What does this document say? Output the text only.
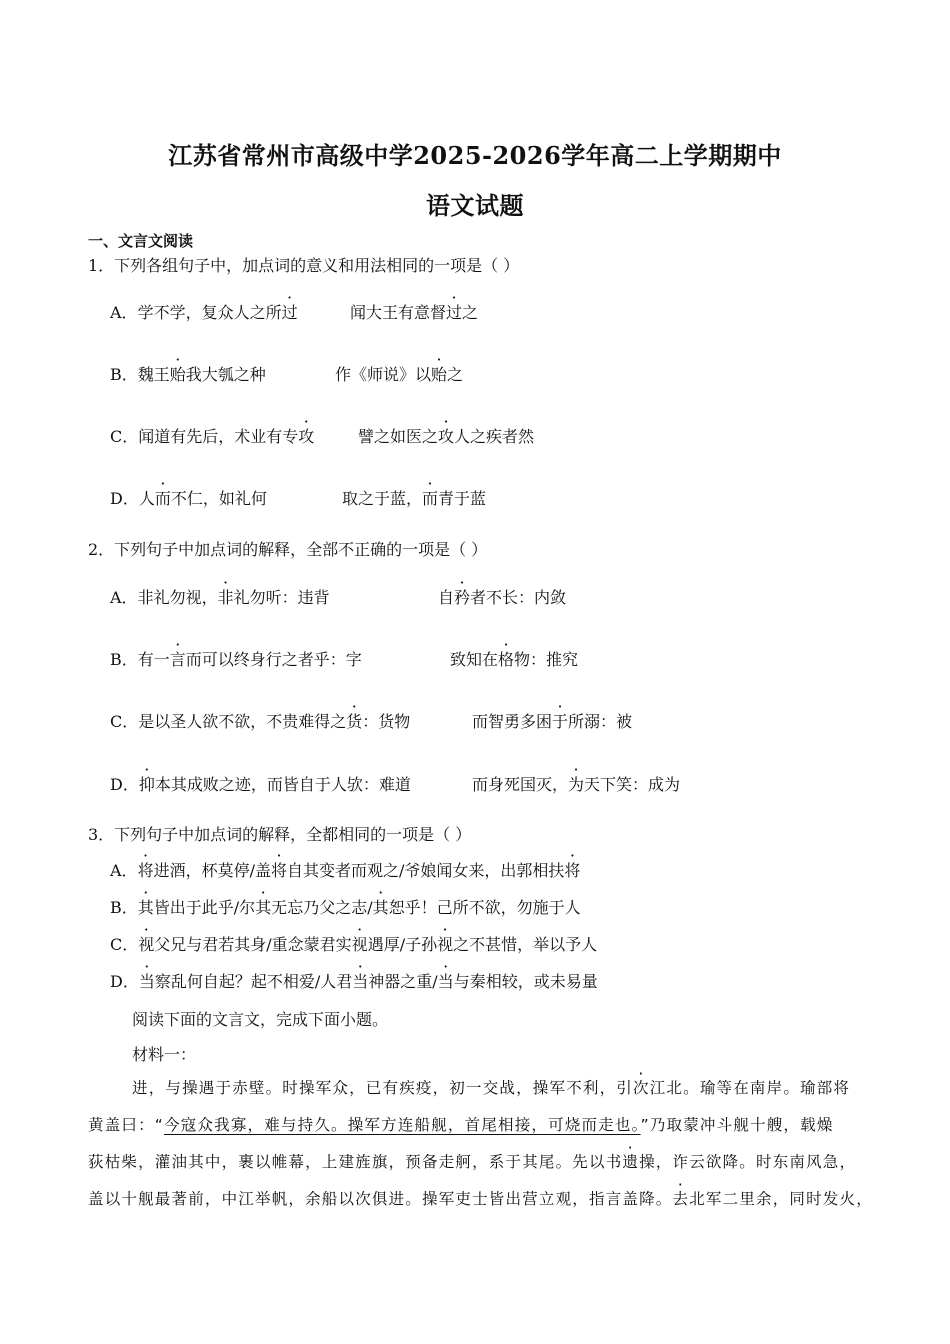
江苏省常州市高级中学2025-2026学年高二上学期期中
语文试题
一、文言文阅读
1．下列各组句子中，加点词的意义和用法相同的一项是（ ）
A．学不学，复众人之所过	闻大王有意督过之
B．魏王贻我大瓠之种	作《师说》以贻之
C．闻道有先后，术业有专攻	譬之如医之攻人之疾者然
D．人而不仁，如礼何	取之于蓝，而青于蓝
2．下列句子中加点词的解释，全部不正确的一项是（ ）
A．非礼勿视，非礼勿听：违背	自矜者不长：内敛
B．有一言而可以终身行之者乎：字	致知在格物：推究
C．是以圣人欲不欲，不贵难得之货：货物	而智勇多困于所溺：被
D．抑本其成败之迹，而皆自于人欤：难道	而身死国灭，为天下笑：成为
3．下列句子中加点词的解释，全都相同的一项是（ ）
A．将进酒，杯莫停/盖将自其变者而观之/爷娘闻女来，出郭相扶将
B．其皆出于此乎/尔其无忘乃父之志/其恕乎！己所不欲，勿施于人
C．视父兄与君若其身/重念蒙君实视遇厚/子孙视之不甚惜，举以予人
D．当察乱何自起？起不相爱/人君当神器之重/当与秦相较，或未易量
阅读下面的文言文，完成下面小题。
材料一：
进，与操遇于赤壁。时操军众，已有疾疫，初一交战，操军不利，引次江北。瑜等在南岸。瑜部将
黄盖曰：“今寇众我寡，难与持久。操军方连船舰，首尾相接，可烧而走也。”乃取蒙冲斗舰十艘，载燥
荻枯柴，灌油其中，裹以帷幕，上建旌旗，预备走舸，系于其尾。先以书遗操，诈云欲降。时东南风急，
盖以十舰最著前，中江举帆，余船以次俱进。操军吏士皆出营立观，指言盖降。去北军二里余，同时发火，
